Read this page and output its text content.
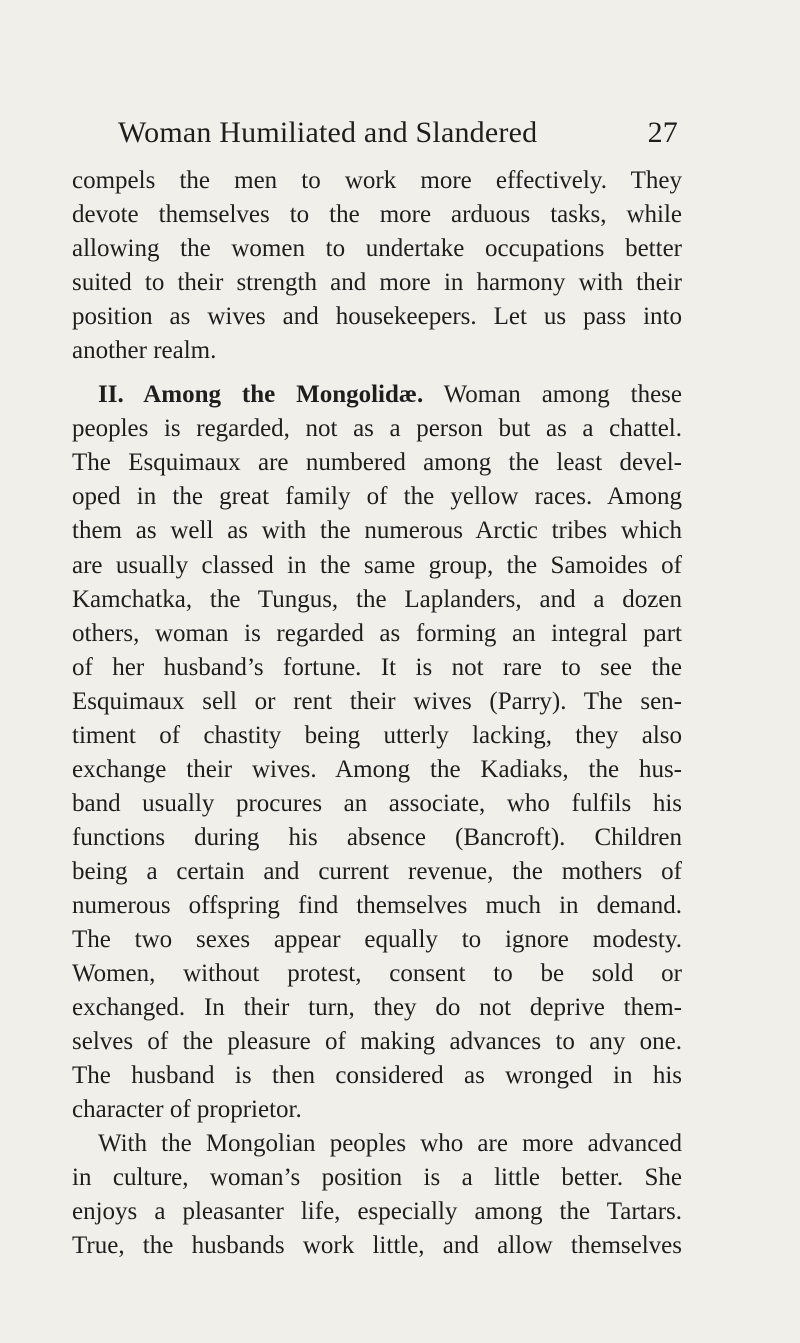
Woman Humiliated and Slandered	27
compels the men to work more effectively. They
devote themselves to the more arduous tasks, while
allowing the women to undertake occupations better
suited to their strength and more in harmony with their
position as wives and housekeepers. Let us pass into
another realm.
II. Among the Mongolidæ. Woman among these
peoples is regarded, not as a person but as a chattel.
The Esquimaux are numbered among the least devel-
oped in the great family of the yellow races. Among
them as well as with the numerous Arctic tribes which
are usually classed in the same group, the Samoides of
Kamchatka, the Tungus, the Laplanders, and a dozen
others, woman is regarded as forming an integral part
of her husband’s fortune. It is not rare to see the
Esquimaux sell or rent their wives (Parry). The sen-
timent of chastity being utterly lacking, they also
exchange their wives. Among the Kadiaks, the hus-
band usually procures an associate, who fulfils his
functions during his absence (Bancroft). Children
being a certain and current revenue, the mothers of
numerous offspring find themselves much in demand.
The two sexes appear equally to ignore modesty.
Women, without protest, consent to be sold or
exchanged. In their turn, they do not deprive them-
selves of the pleasure of making advances to any one.
The husband is then considered as wronged in his
character of proprietor.
With the Mongolian peoples who are more advanced
in culture, woman’s position is a little better. She
enjoys a pleasanter life, especially among the Tartars.
True, the husbands work little, and allow themselves
